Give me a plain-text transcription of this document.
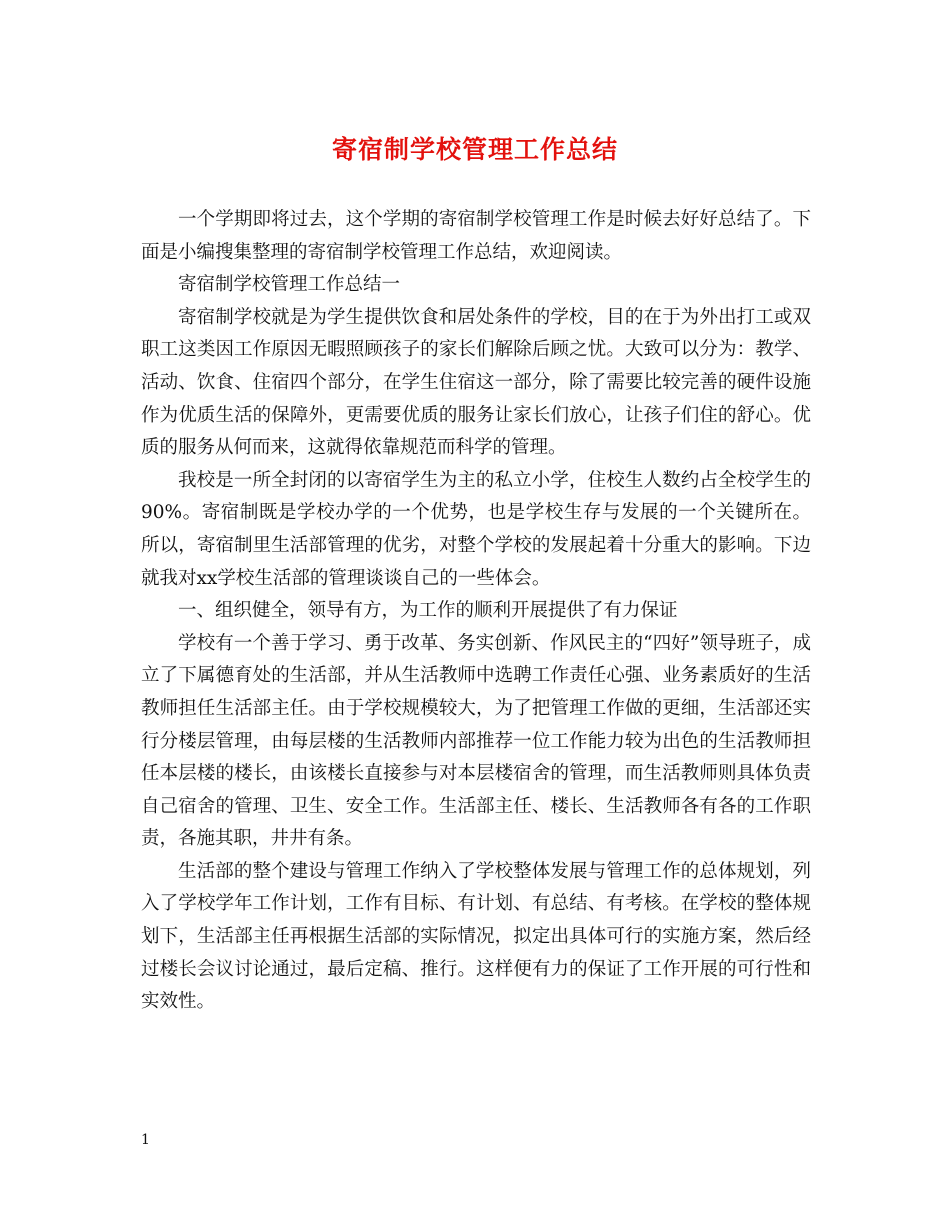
寄宿制学校管理工作总结

一个学期即将过去，这个学期的寄宿制学校管理工作是时候去好好总结了。下面是小编搜集整理的寄宿制学校管理工作总结，欢迎阅读。

寄宿制学校管理工作总结一

寄宿制学校就是为学生提供饮食和居处条件的学校，目的在于为外出打工或双职工这类因工作原因无暇照顾孩子的家长们解除后顾之忧。大致可以分为：教学、活动、饮食、住宿四个部分，在学生住宿这一部分，除了需要比较完善的硬件设施作为优质生活的保障外，更需要优质的服务让家长们放心，让孩子们住的舒心。优质的服务从何而来，这就得依靠规范而科学的管理。

我校是一所全封闭的以寄宿学生为主的私立小学，住校生人数约占全校学生的90%。寄宿制既是学校办学的一个优势，也是学校生存与发展的一个关键所在。所以，寄宿制里生活部管理的优劣，对整个学校的发展起着十分重大的影响。下边就我对xx学校生活部的管理谈谈自己的一些体会。

一、组织健全，领导有方，为工作的顺利开展提供了有力保证

学校有一个善于学习、勇于改革、务实创新、作风民主的“四好”领导班子，成立了下属德育处的生活部，并从生活教师中选聘工作责任心强、业务素质好的生活教师担任生活部主任。由于学校规模较大，为了把管理工作做的更细，生活部还实行分楼层管理，由每层楼的生活教师内部推荐一位工作能力较为出色的生活教师担任本层楼的楼长，由该楼长直接参与对本层楼宿舍的管理，而生活教师则具体负责自己宿舍的管理、卫生、安全工作。生活部主任、楼长、生活教师各有各的工作职责，各施其职，井井有条。

生活部的整个建设与管理工作纳入了学校整体发展与管理工作的总体规划，列入了学校学年工作计划，工作有目标、有计划、有总结、有考核。在学校的整体规划下，生活部主任再根据生活部的实际情况，拟定出具体可行的实施方案，然后经过楼长会议讨论通过，最后定稿、推行。这样便有力的保证了工作开展的可行性和实效性。

1
